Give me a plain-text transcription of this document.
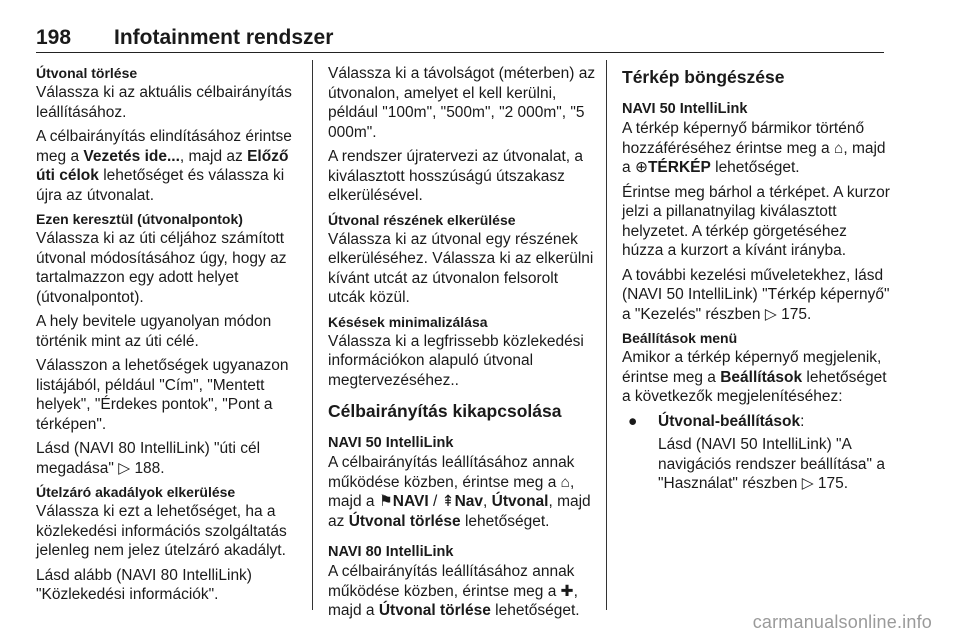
198 Infotainment rendszer
Útvonal törlése

Válassza ki az aktuális célbairányítás leállításához.

A célbairányítás elindításához érintse meg a Vezetés ide..., majd az Előző úti célok lehetőséget és válassza ki újra az útvonalat.

Ezen keresztül (útvonalpontok)

Válassza ki az úti céljához számított útvonal módosításához úgy, hogy az tartalmazzon egy adott helyet (útvonalpontot).

A hely bevitele ugyanolyan módon történik mint az úti célé.

Válasszon a lehetőségek ugyanazon listájából, például "Cím", "Mentett helyek", "Érdekes pontok", "Pont a térképen".

Lásd (NAVI 80 IntelliLink) "úti cél megadása" ▷ 188.

Útelzáró akadályok elkerülése

Válassza ki ezt a lehetőséget, ha a közlekedési információs szolgáltatás jelenleg nem jelez útelzáró akadályt.

Lásd alább (NAVI 80 IntelliLink) "Közlekedési információk".

Válassza ki a távolságot (méterben) az útvonalon, amelyet el kell kerülni, például "100m", "500m", "2 000m", "5 000m".

A rendszer újratervezi az útvonalat, a kiválasztott hosszúságú útszakasz elkerülésével.

Útvonal részének elkerülése

Válassza ki az útvonal egy részének elkerüléséhez. Válassza ki az elkerülni kívánt utcát az útvonalon felsorolt utcák közül.

Késések minimalizálása

Válassza ki a legfrissebb közlekedési információkon alapuló útvonal megtervezéséhez..

Célbairányítás kikapcsolása
NAVI 50 IntelliLink

A célbairányítás leállításához annak működése közben, érintse meg a ⌂, majd a ⚑NAVI / ⇞Nav, Útvonal, majd az Útvonal törlése lehetőséget.

NAVI 80 IntelliLink

A célbairányítás leállításához annak működése közben, érintse meg a ✚, majd a Útvonal törlése lehetőséget.

Térkép böngészése
NAVI 50 IntelliLink

A térkép képernyő bármikor történő hozzáféréséhez érintse meg a ⌂, majd a ⊕TÉRKÉP lehetőséget.

Érintse meg bárhol a térképet. A kurzor jelzi a pillanatnyilag kiválasztott helyzetet. A térkép görgetéséhez húzza a kurzort a kívánt irányba.

A további kezelési műveletekhez, lásd (NAVI 50 IntelliLink) "Térkép képernyő" a "Kezelés" részben ▷ 175.

Beállítások menü

Amikor a térkép képernyő megjelenik, érintse meg a Beállítások lehetőséget a következők megjelenítéséhez:

●	Útvonal-beállítások:

Lásd (NAVI 50 IntelliLink) "A navigációs rendszer beállítása" a "Használat" részben ▷ 175.

carmanualsonline.info
